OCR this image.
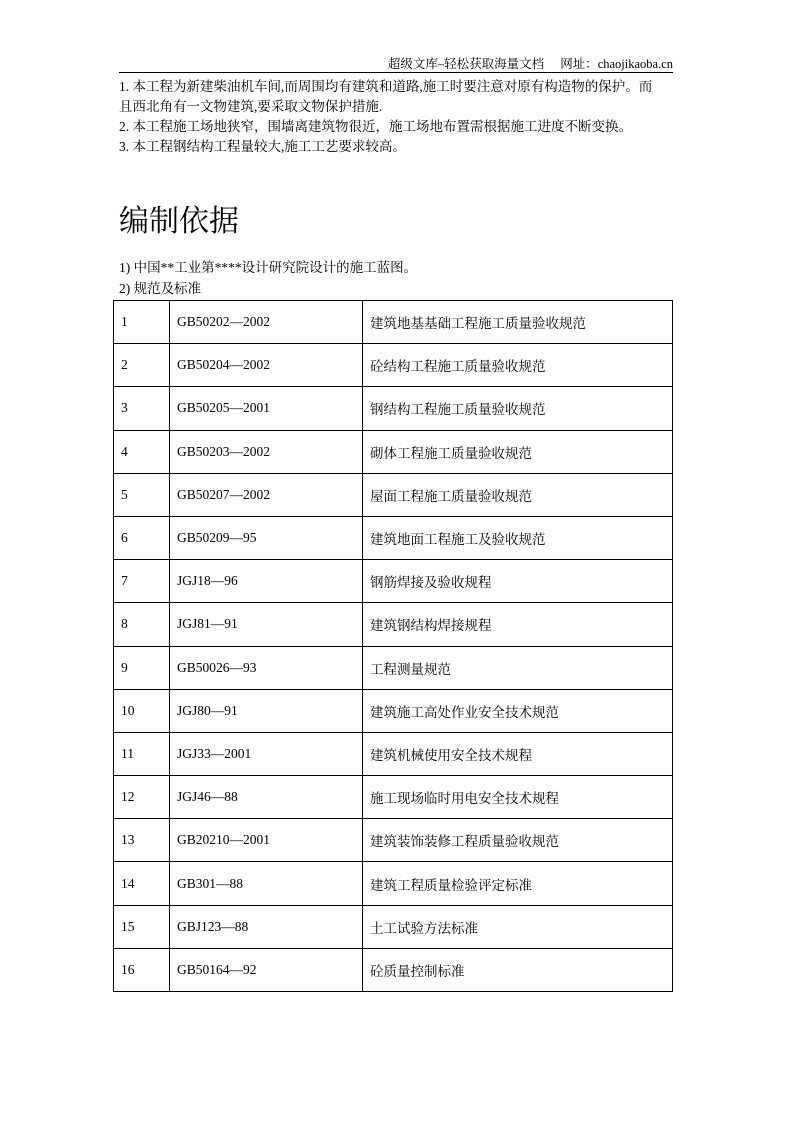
超级文库–轻松获取海量文档 网址：chaojikaoba.cn
1. 本工程为新建柴油机车间,而周围均有建筑和道路,施工时要注意对原有构造物的保护。而
且西北角有一文物建筑,要采取文物保护措施.
2. 本工程施工场地狭窄，围墙离建筑物很近，施工场地布置需根据施工进度不断变换。
3. 本工程钢结构工程量较大,施工工艺要求较高。
编制依据
1) 中国**工业第****设计研究院设计的施工蓝图。
2) 规范及标准
1	GB50202—2002	建筑地基基础工程施工质量验收规范
2	GB50204—2002	砼结构工程施工质量验收规范
3	GB50205—2001	钢结构工程施工质量验收规范
4	GB50203—2002	砌体工程施工质量验收规范
5	GB50207—2002	屋面工程施工质量验收规范
6	GB50209—95	建筑地面工程施工及验收规范
7	JGJ18—96	钢筋焊接及验收规程
8	JGJ81—91	建筑钢结构焊接规程
9	GB50026—93	工程测量规范
10	JGJ80—91	建筑施工高处作业安全技术规范
11	JGJ33—2001	建筑机械使用安全技术规程
12	JGJ46—88	施工现场临时用电安全技术规程
13	GB20210—2001	建筑装饰装修工程质量验收规范
14	GB301—88	建筑工程质量检验评定标准
15	GBJ123—88	土工试验方法标准
16	GB50164—92	砼质量控制标准
